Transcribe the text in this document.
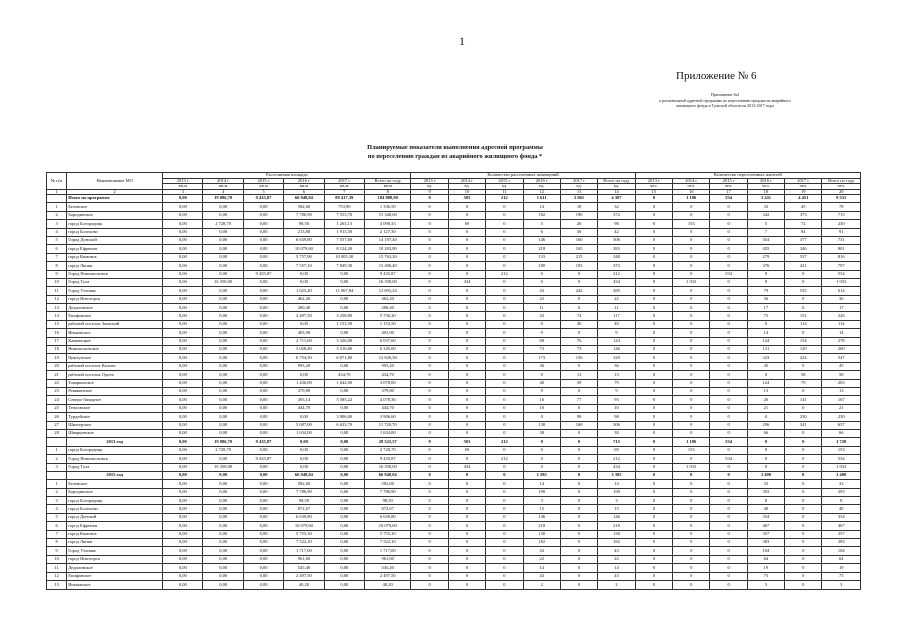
1
Приложение № 6
Приложение №3
к региональной адресной программе по переселению граждан из аварийного
жилищного фонда в Тульской области на 2013-2017 годы
Планируемые показатели выполнения адресной программы
по переселению граждан из аварийного жилищного фонда *
№ п/п	Наименование МО	Расселяемая площадь						Количество расселенных помещений						Количество переселенных жителей					
		2013 г	2014 г	2015 г	2016 г	2017 г	Всего по году	2013 г	2014 г	2015 г	2016 г	2017 г	Всего по году	2013 г	2014 г	2015 г	2016 г	2017 г	Всего по году
		кв.м	кв.м	кв.м	кв.м	кв.м	кв.м	ед.	ед.	ед.	ед.	ед.	ед.	чел.	чел.	чел.	чел.	чел.	чел.
1	2	3	4	5	6	7	8	9	10	11	12	13	14	15	16	17	18	19	20
	Итого по программе	0,00	19 086,70	9 435,87	66 948,04	89 417,39	184 888,00	0	505	212	1 611	2 061	4 387	0	1 186	534	3 241	4 451	9 531
1	Белевское	0,00	0,00	0,00	582,60	753,90	1 336,50	0	0	0	14	18	32	0	0	0	33	45	78
2	Бородинское	0,00	0,00	0,00	7 786,90	7 553,70	15 340,60	0	0	0	182	190	372	0	0	0	342	373	715
3	город Богородицк	0,00	2 728,70	0,00	98,50	1 263,13	4 090,33	0	69	0	3	26	98	0	153	0	5	72	230
4	город Болохово	0,00	0,00	0,00	213,80	1 913,50	2 127,30	0	0	0	6	36	42	0	0	0	7	84	91
5	Город Донской	0,00	0,00	0,00	6 639,80	7 557,60	14 197,40	0	0	0	146	160	306	0	0	0	354	377	731
6	город Ефремов	0,00	0,00	0,00	10 079,60	8 124,20	18 203,80	0	0	0	218	165	383	0	0	0	455	346	801
7	город Кимовск	0,00	0,00	0,00	5 757,90	10 005,30	15 763,20	0	0	0	133	215	348	0	0	0	279	537	816
8	город Липки	0,00	0,00	0,00	7 557,10	7 849,30	15 406,40	0	0	0	180	193	373	0	0	0	376	421	797
9	Город Новомосковск	0,00	0,00	9 435,87	0,00	0,00	9 435,87	0	0	212	0	0	212	0	0	534	0	0	534
10	Город Тула	0,00	16 358,00	0,00	0,00	0,00	16 358,00	0	434	0	0	0	434	0	1 033	0	0	0	1 033
11	Город Узловая	0,00	0,00	0,00	1 625,40	11 067,84	12 693,24	0	0	0	43	242	285	0	0	0	79	535	614
12	город Ясногорск	0,00	0,00	0,00	462,20	0,00	462,20	0	0	0	22	0	22	0	0	0	36	0	36
13	Дедиловское	0,00	0,00	0,00	280,40	0,00	280,40	0	0	0	11	0	11	0	0	0	17	0	17
14	Епифанское	0,00	0,00	0,00	2 497,50	3 258,80	5 756,30	0	0	0	43	74	117	0	0	0	75	151	226
15	рабочий поселок Заокский	0,00	0,00	0,00	0,00	1 153,50	1 153,50	0	0	0	0	40	40	0	0	0	0	114	114
16	Иньковское	0,00	0,00	0,00	403,90	0,00	403,90	0	0	0	9	0	9	0	0	0	14	0	14
17	Каменецкое	0,00	0,00	0,00	2 711,60	3 326,00	6 037,60	0	0	0	68	76	144	0	0	0	124	154	278
18	Никольсковское	0,00	0,00	0,00	3 028,40	3 316,60	6 345,00	0	0	0	73	73	146	0	0	0	131	129	260
19	Циклунское	0,00	0,00	0,00	6 754,50	6 071,80	12 826,30	0	0	0	173	156	329	0	0	0	323	224	547
20	рабочий поселок Волово	0,00	0,00	0,00	993,20	0,00	993,20	0	0	0	36	0	36	0	0	0	45	0	45
21	рабочий поселок Одоев	0,00	0,00	0,00	0,00	434,70	434,70	0	0	0	0	13	13	0	0	0	0	58	58
22	Товарковское	0,00	0,00	0,00	1 436,00	1 642,00	3 078,00	0	0	0	40	39	79	0	0	0	124	79	203
23	Ревякинское	0,00	0,00	0,00	379,80	0,00	379,80	0	0	0	9	0	9	0	0	0	13	0	13
24	Северо-Западное	0,00	0,00	0,00	493,14	3 585,22	4 078,36	0	0	0	16	77	93	0	0	0	26	141	167
25	Тепловское	0,00	0,00	0,00	444,70	0,00	444,70	0	0	0	10	0	10	0	0	0	21	0	21
26	Турдейское	0,00	0,00	0,00	0,00	3 906,60	3 906,60	0	0	0	0	98	98	0	0	0	0	230	230
27	Шкотерское	0,00	0,00	0,00	5 087,00	6 633,70	11 720,70	0	0	0	138	168	306	0	0	0	296	341	637
28	Шварцевское	0,00	0,00	0,00	1 634,00	0,00	1 634,00	0	0	0	38	0	38	0	0	0	66	0	66
	2013 год	0,00	19 086,70	9 435,87	0,00	0,00	28 522,57	0	503	212	0	0	715	0	1 186	534	0	0	1 720
1	город Богородицк	0,00	2 728,70	0,00	0,00	0,00	2 728,70	0	69	0	0	0	69	0	153	0	0	0	153
2	Город Новомосковск	0,00	0,00	9 435,87	0,00	0,00	9 435,87	0	0	212	0	0	212	0	0	534	0	0	534
3	Город Тула	0,00	16 358,00	0,00	0,00	0,00	16 358,00	0	434	0	0	0	434	0	1 033	0	0	0	1 033
	2015 год	0,00	0,00	0,00	66 948,04	0,00	66 948,04	0	0	0	1 585	0	3 385	0	0	0	3 400	0	3 400
1	Белевское	0,00	0,00	0,00	582,60	0,00	582,60	0	0	0	14	0	14	0	0	0	33	0	33
2	Бородинское	0,00	0,00	0,00	7 786,90	0,00	7 786,90	0	0	0	190	0	190	0	0	0	393	0	393
3	город Богородицк	0,00	0,00	0,00	98,50	0,00	98,50	0	0	0	3	0	3	0	0	0	8	0	8
4	город Болохово	0,00	0,00	0,00	872,67	0,00	872,67	0	0	0	15	0	15	0	0	0	40	0	40
5	город Донской	0,00	0,00	0,00	6 639,80	0,00	6 639,80	0	0	0	146	0	146	0	0	0	354	0	354
6	город Ефремов	0,00	0,00	0,00	10 079,60	0,00	10 079,60	0	0	0	218	0	218	0	0	0	467	0	467
7	город Кимовск	0,00	0,00	0,00	5 755,30	0,00	5 755,30	0	0	0	130	0	130	0	0	0	357	0	357
8	город Липки	0,00	0,00	0,00	7 522,10	0,00	7 522,10	0	0	0	182	0	182	0	0	0	383	0	383
9	Город Узловая	0,00	0,00	0,00	1 717,00	0,00	1 717,00	0	0	0	43	0	43	0	0	0	104	0	104
10	город Ясногорск	0,00	0,00	0,00	961,60	0,00	961,60	0	0	0	22	0	22	0	0	0	64	0	64
11	Дедиловское	0,00	0,00	0,00	545,40	0,00	545,40	0	0	0	14	0	14	0	0	0	19	0	19
12	Епифанское	0,00	0,00	0,00	2 497,50	0,00	2 497,50	0	0	0	43	0	43	0	0	0	75	0	75
13	Иньковское	0,00	0,00	0,00	40,20	0,00	40,20	0	0	0	2	0	2	0	0	0	3	0	3
